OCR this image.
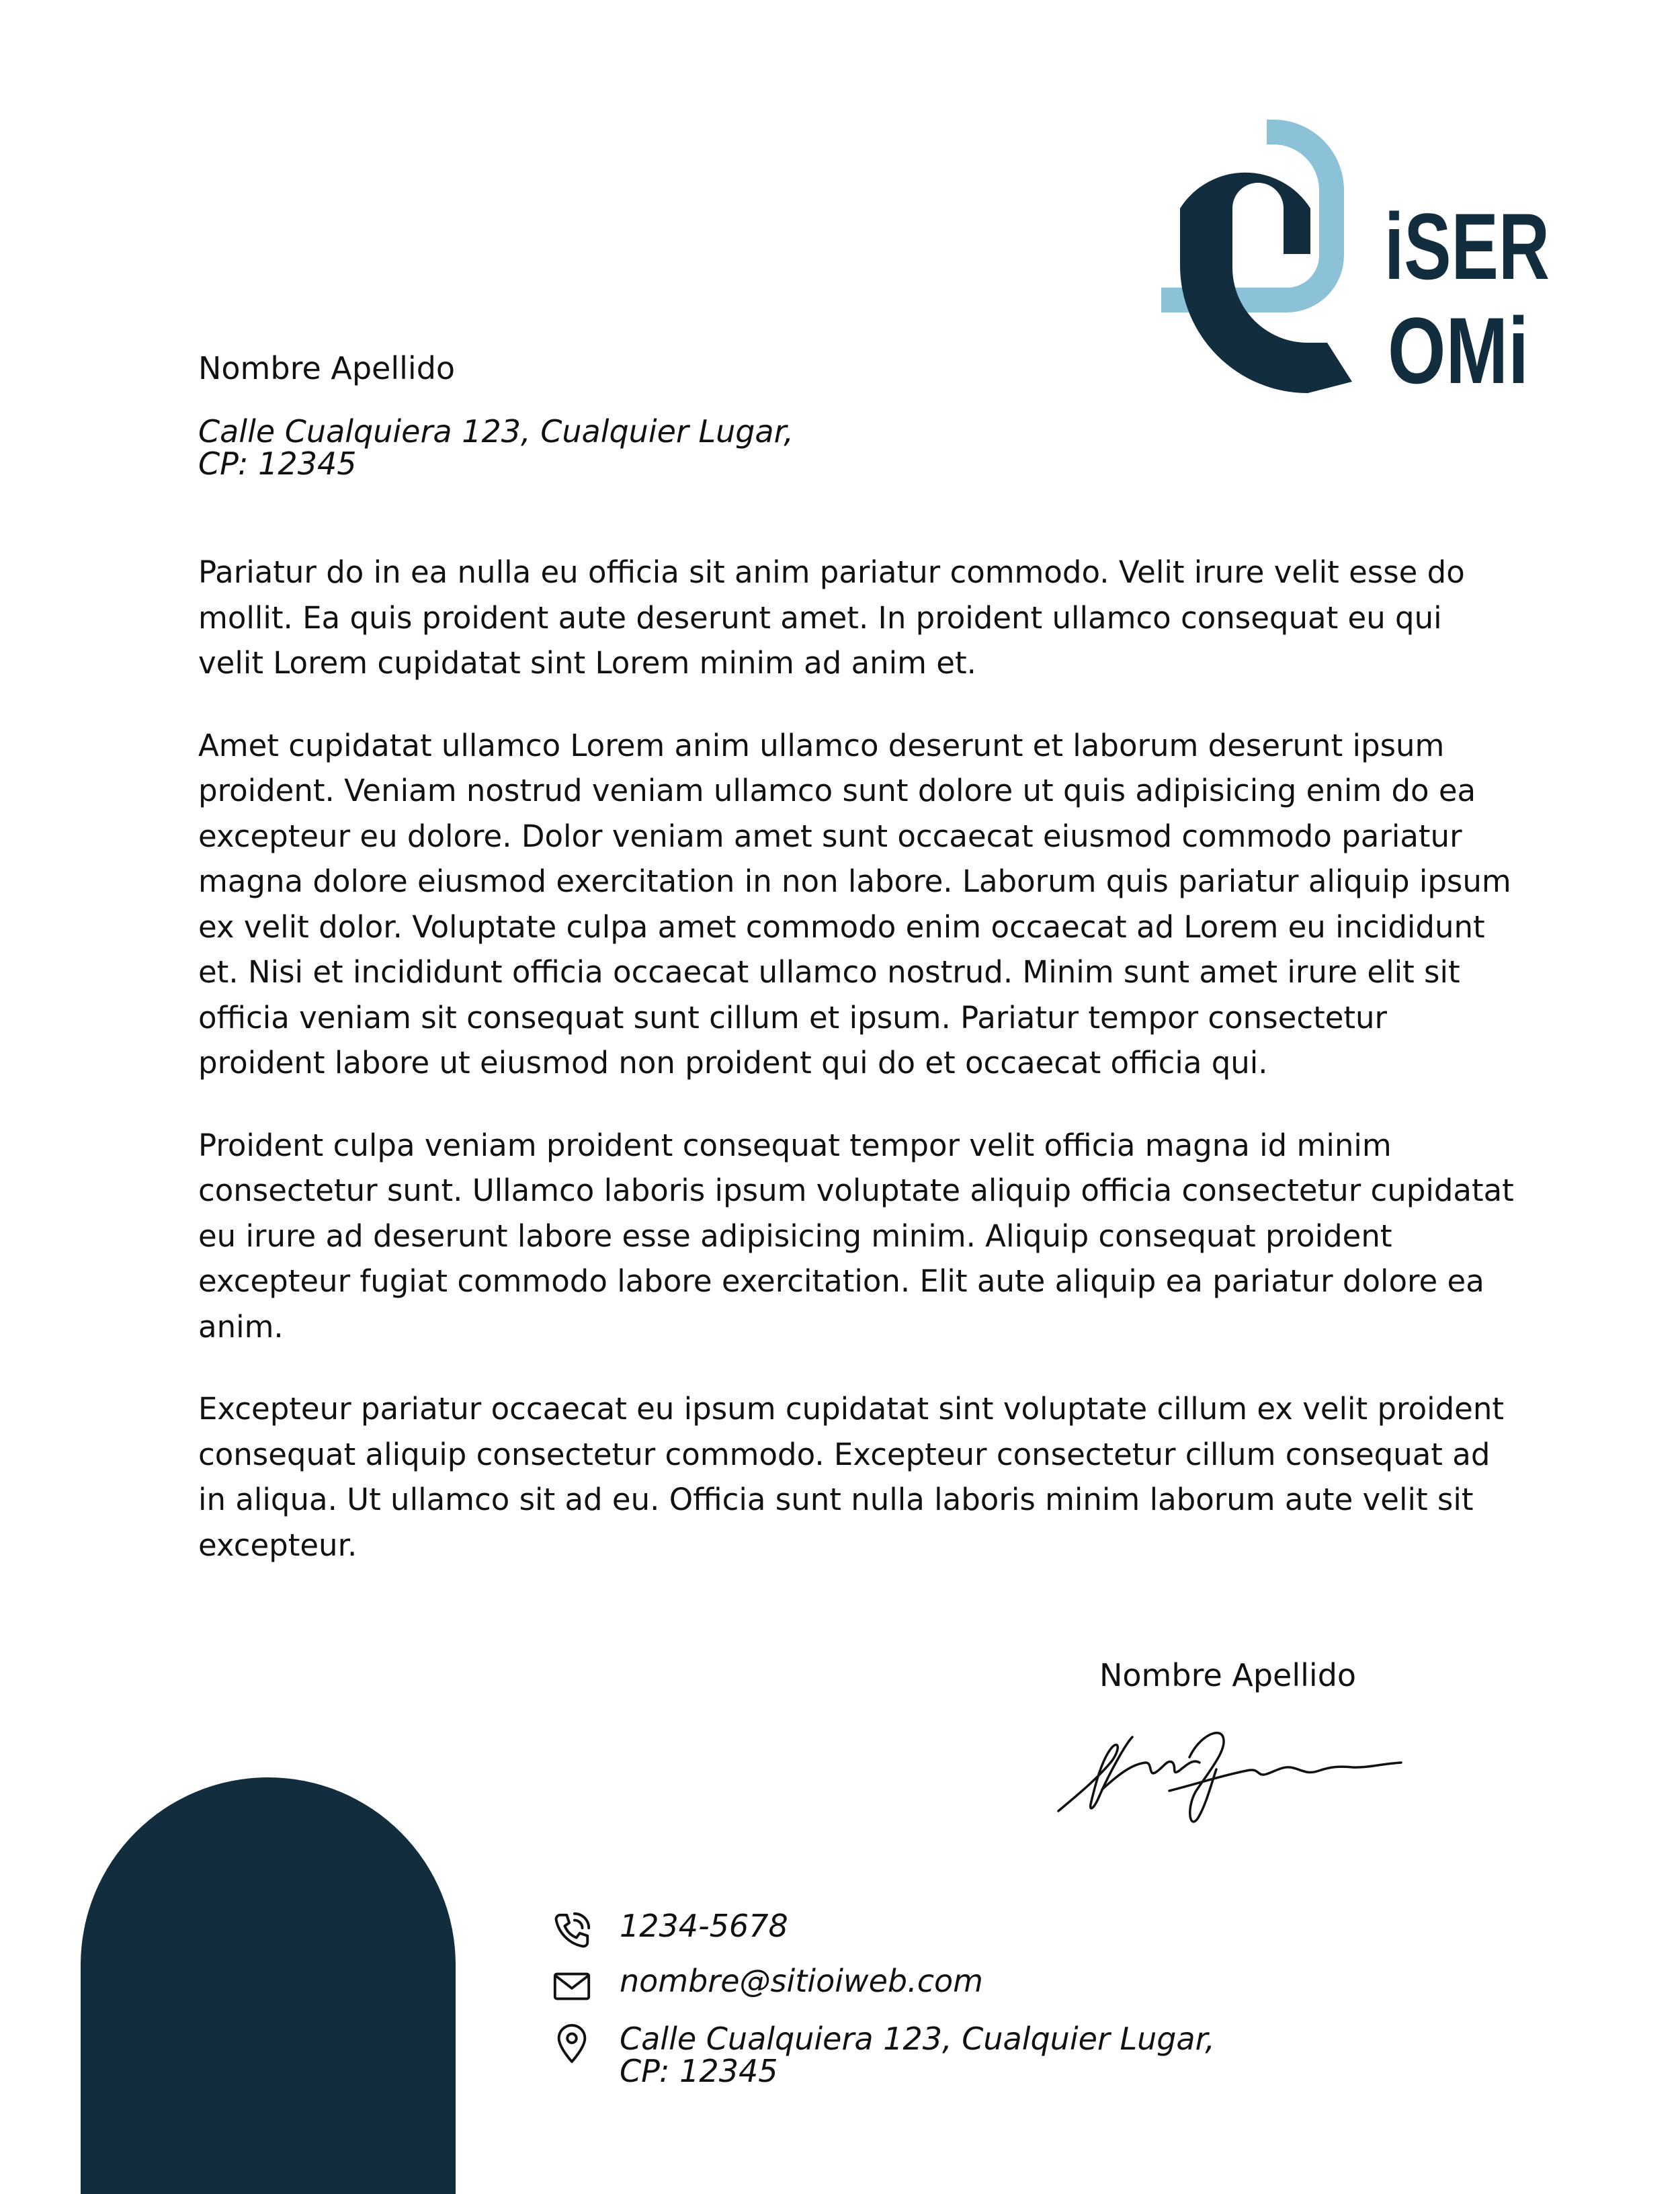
iSER
OMi
Nombre Apellido
Calle Cualquiera 123, Cualquier Lugar,
CP: 12345

Pariatur do in ea nulla eu officia sit anim pariatur commodo. Velit irure velit esse do mollit. Ea quis proident aute deserunt amet. In proident ullamco consequat eu qui velit Lorem cupidatat sint Lorem minim ad anim et.

Amet cupidatat ullamco Lorem anim ullamco deserunt et laborum deserunt ipsum proident. Veniam nostrud veniam ullamco sunt dolore ut quis adipisicing enim do ea excepteur eu dolore. Dolor veniam amet sunt occaecat eiusmod commodo pariatur magna dolore eiusmod exercitation in non labore. Laborum quis pariatur aliquip ipsum ex velit dolor. Voluptate culpa amet commodo enim occaecat ad Lorem eu incididunt et. Nisi et incididunt officia occaecat ullamco nostrud. Minim sunt amet irure elit sit officia veniam sit consequat sunt cillum et ipsum. Pariatur tempor consectetur proident labore ut eiusmod non proident qui do et occaecat officia qui.

Proident culpa veniam proident consequat tempor velit officia magna id minim consectetur sunt. Ullamco laboris ipsum voluptate aliquip officia consectetur cupidatat eu irure ad deserunt labore esse adipisicing minim. Aliquip consequat proident excepteur fugiat commodo labore exercitation. Elit aute aliquip ea pariatur dolore ea anim.

Excepteur pariatur occaecat eu ipsum cupidatat sint voluptate cillum ex velit proident consequat aliquip consectetur commodo. Excepteur consectetur cillum consequat ad in aliqua. Ut ullamco sit ad eu. Officia sunt nulla laboris minim laborum aute velit sit excepteur.

Nombre Apellido
1234-5678
nombre@sitioiweb.com
Calle Cualquiera 123, Cualquier Lugar,
CP: 12345
